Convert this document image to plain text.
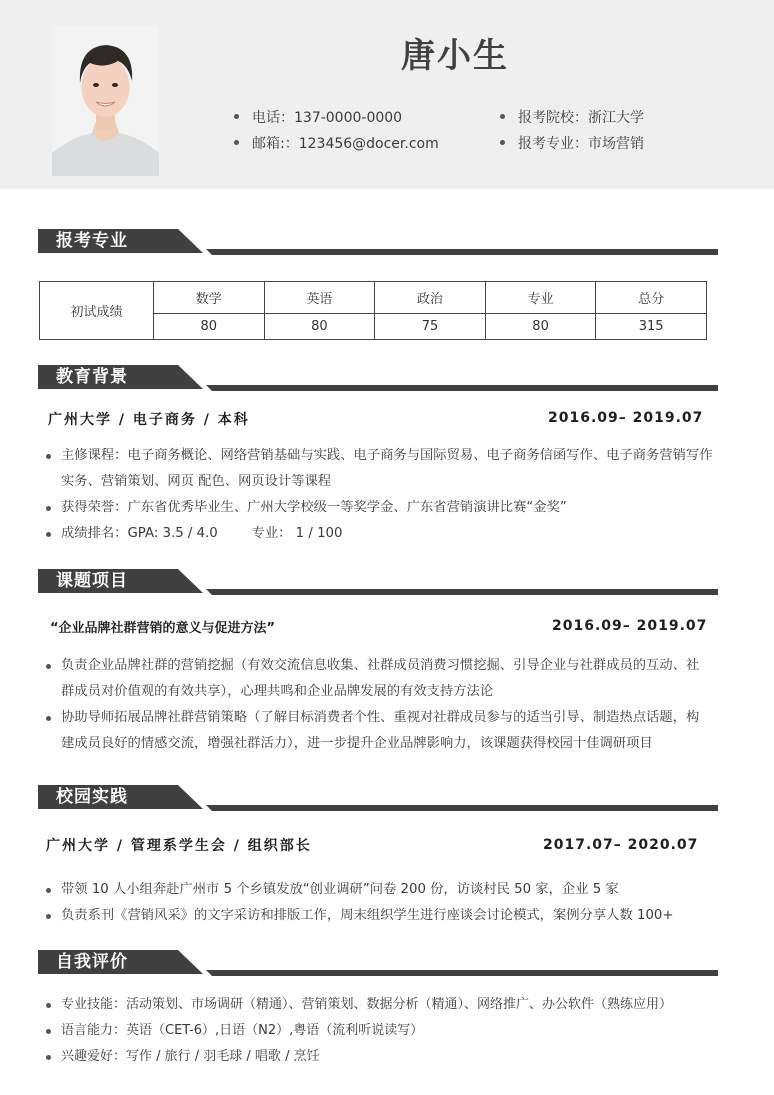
唐小生
电话：137-0000-0000
邮箱:：123456@docer.com
报考院校：浙江大学
报考专业：市场营销
报考专业
初试成绩	数学	英语	政治	专业	总分
	80	80	75	80	315
教育背景
广州大学 / 电子商务 / 本科	2016.09– 2019.07
主修课程：电子商务概论、网络营销基础与实践、电子商务与国际贸易、电子商务信函写作、电子商务营销写作实务、营销策划、网页 配色、网页设计等课程
获得荣誉：广东省优秀毕业生、广州大学校级一等奖学金、广东省营销演讲比赛“金奖”
成绩排名：GPA: 3.5 / 4.0        专业： 1 / 100
课题项目
“企业品牌社群营销的意义与促进方法”	2016.09– 2019.07
负责企业品牌社群的营销挖掘（有效交流信息收集、社群成员消费习惯挖掘、引导企业与社群成员的互动、社群成员对价值观的有效共享），心理共鸣和企业品牌发展的有效支持方法论
协助导师拓展品牌社群营销策略（了解目标消费者个性、重视对社群成员参与的适当引导、制造热点话题，构建成员良好的情感交流，增强社群活力），进一步提升企业品牌影响力，该课题获得校园十佳调研项目
校园实践
广州大学 / 管理系学生会 / 组织部长	2017.07– 2020.07
带领 10 人小组奔赴广州市 5 个乡镇发放“创业调研”问卷 200 份，访谈村民 50 家，企业 5 家
负责系刊《营销风采》的文字采访和排版工作，周末组织学生进行座谈会讨论模式，案例分享人数 100+
自我评价
专业技能：活动策划、市场调研（精通）、营销策划、数据分析（精通）、网络推广、办公软件（熟练应用）
语言能力：英语（CET-6）,日语（N2）,粤语（流利听说读写）
兴趣爱好：写作 / 旅行 / 羽毛球 / 唱歌 / 烹饪
